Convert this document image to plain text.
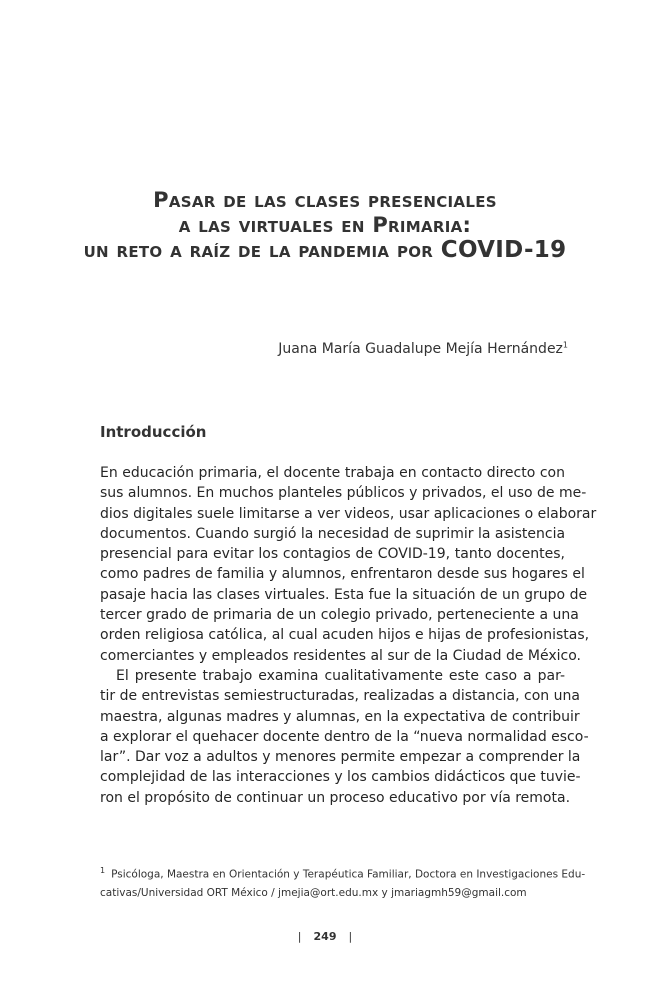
Pasar de las clases presenciales
a las virtuales en Primaria:
un reto a raíz de la pandemia por COVID-19
Juana María Guadalupe Mejía Hernández$^1$
Introducción
En educación primaria, el docente trabaja en contacto directo con
sus alumnos. En muchos planteles públicos y privados, el uso de me-
dios digitales suele limitarse a ver videos, usar aplicaciones o elaborar
documentos. Cuando surgió la necesidad de suprimir la asistencia
presencial para evitar los contagios de COVID-19, tanto docentes,
como padres de familia y alumnos, enfrentaron desde sus hogares el
pasaje hacia las clases virtuales. Esta fue la situación de un grupo de
tercer grado de primaria de un colegio privado, perteneciente a una
orden religiosa católica, al cual acuden hijos e hijas de profesionistas,
comerciantes y empleados residentes al sur de la Ciudad de México.
El presente trabajo examina cualitativamente este caso a par-
tir de entrevistas semiestructuradas, realizadas a distancia, con una
maestra, algunas madres y alumnas, en la expectativa de contribuir
a explorar el quehacer docente dentro de la “nueva normalidad esco-
lar”. Dar voz a adultos y menores permite empezar a comprender la
complejidad de las interacciones y los cambios didácticos que tuvie-
ron el propósito de continuar un proceso educativo por vía remota.
$^1$ Psicóloga, Maestra en Orientación y Terapéutica Familiar, Doctora en Investigaciones Edu-
cativas/Universidad ORT México / jmejia@ort.edu.mx y jmariagmh59@gmail.com
| 249 |
